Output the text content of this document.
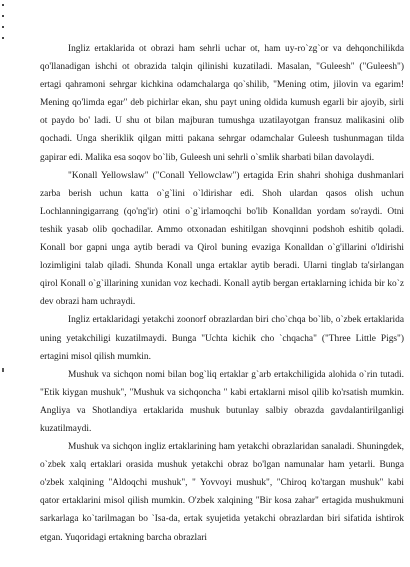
Ingliz ertaklarida ot obrazi ham sehrli uchar ot, ham uy-ro`zg`or va dehqonchilikda qo'llanadigan ishchi ot obrazida talqin qilinishi kuzatiladi. Masalan, "Guleesh" ("Guleesh") ertagi qahramoni sehrgar kichkina odamchalarga qo`shilib, "Mening otim, jilovin va egarim! Mening qo'limda egar" deb pichirlar ekan, shu payt uning oldida kumush egarli bir ajoyib, sirli ot paydo bo' ladi. U shu ot bilan majburan tumushga uzatilayotgan fransuz malikasini olib qochadi. Unga sheriklik qilgan mitti pakana sehrgar odamchalar Guleesh tushunmagan tilda gapirar edi. Malika esa soqov bo`lib, Guleesh uni sehrli o`smlik sharbati bilan davolaydi.

"Konall Yellowslaw" ("Conall Yellowclaw") ertagida Erin shahri shohiga dushmanlari zarba berish uchun katta o`g`lini o`ldirishar edi. Shoh ulardan qasos olish uchun Lochlanningigarrang (qo'ng'ir) otini o`g`irlamoqchi bo'lib Konalldan yordam so'raydi. Otni teshik yasab olib qochadilar. Ammo otxonadan eshitilgan shovqinni podshoh eshitib qoladi. Konall bor gapni unga aytib beradi va Qirol buning evaziga Konalldan o`g'illarini o'ldirishi lozimligini talab qiladi. Shunda Konall unga ertaklar aytib beradi. Ularni tinglab ta'sirlangan qirol Konall o`g`illarining xunidan voz kechadi. Konall aytib bergan ertaklarning ichida bir ko`z dev obrazi ham uchraydi.

Ingliz ertaklaridagi yetakchi zoonorf obrazlardan biri cho`chqa bo`lib, o`zbek ertaklarida uning yetakchiligi kuzatilmaydi. Bunga "Uchta kichik cho `chqacha" ("Three Little Pigs") ertagini misol qilish mumkin.

Mushuk va sichqon nomi bilan bog`liq ertaklar g`arb ertakchiligida alohida o`rin tutadi. "Etik kiygan mushuk", "Mushuk va sichqoncha " kabi ertaklarni misol qilib ko'rsatish mumkin. Angliya va Shotlandiya ertaklarida mushuk butunlay salbiy obrazda gavdalantirilganligi kuzatilmaydi.

Mushuk va sichqon ingliz ertaklarining ham yetakchi obrazlaridan sanaladi. Shuningdek, o`zbek xalq ertaklari orasida mushuk yetakchi obraz bo'lgan namunalar ham yetarli. Bunga o'zbek xalqining "Aldoqchi mushuk", " Yovvoyi mushuk", "Chiroq ko'targan mushuk" kabi qator ertaklarini misol qilish mumkin. O'zbek xalqining "Bir kosa zahar" ertagida mushukmuni sarkarlaga ko`tarilmagan bo `Isa-da, ertak syujetida yetakchi obrazlardan biri sifatida ishtirok etgan. Yuqoridagi ertakning barcha obrazlari
